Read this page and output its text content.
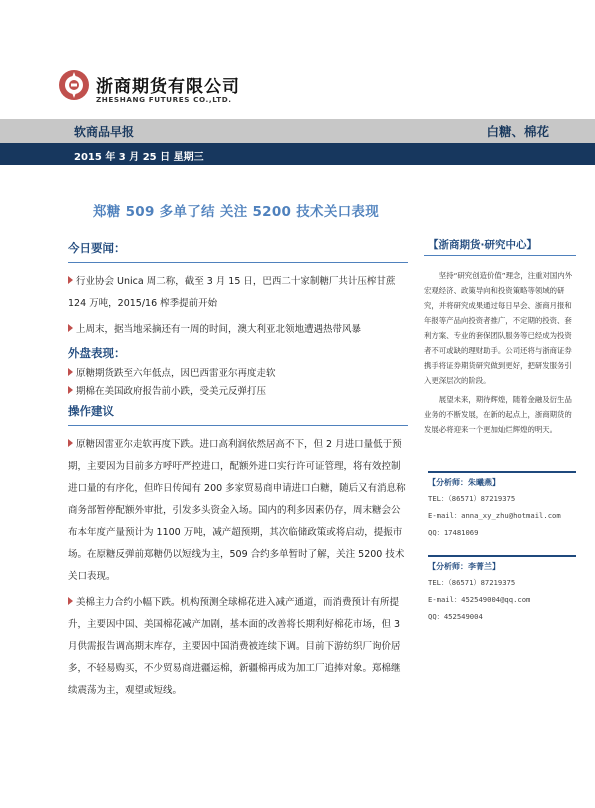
浙商期货有限公司
ZHESHANG FUTURES CO.,LTD.
软商品早报	白糖、棉花
2015 年 3 月 25 日 星期三
郑糖 509 多单了结 关注 5200 技术关口表现
今日要闻：
行业协会 Unica 周二称，截至 3 月 15 日，巴西二十家制糖厂共计压榨甘蔗 124 万吨，2015/16 榨季提前开始
上周末，据当地采摘还有一周的时间，澳大利亚北领地遭遇热带风暴
外盘表现：
原糖期货跌至六年低点，因巴西雷亚尔再度走软
期棉在美国政府报告前小跌，受美元反弹打压
操作建议
原糖因雷亚尔走软再度下跌。进口高利润依然居高不下，但 2 月进口量低于预期，主要因为目前多方呼吁严控进口，配额外进口实行许可证管理，将有效控制进口量的有序化，但昨日传闻有 200 多家贸易商申请进口白糖，随后又有消息称商务部暂停配额外审批，引发多头资金入场。国内的利多因素仍存，周末糖会公布本年度产量预计为 1100 万吨，减产超预期，其次临储政策或将启动，提振市场。在原糖反弹前郑糖仍以短线为主，509 合约多单暂时了解，关注 5200 技术关口表现。
美棉主力合约小幅下跌。机构预测全球棉花进入减产通道，而消费预计有所提升，主要因中国、美国棉花减产加剧，基本面的改善将长期利好棉花市场，但 3 月供需报告调高期末库存，主要因中国消费被连续下调。目前下游纺织厂询价居多，不轻易购买，不少贸易商进疆运棉，新疆棉再成为加工厂追捧对象。郑棉继续震荡为主，观望或短线。
【浙商期货·研究中心】
坚持“研究创造价值”理念，注重对国内外宏观经济、政策导向和投资策略等领域的研究，并将研究成果通过每日早会、浙商月报和年报等产品向投资者推广，不定期的投资、套利方案、专业的套保团队服务等已经成为投资者不可或缺的理财助手。公司还将与浙商证券携手将证券期货研究做到更好，把研发服务引入更深层次的阶段。
展望未来，期待辉煌，随着金融及衍生品业务的不断发展，在新的起点上，浙商期货的发展必将迎来一个更加灿烂辉煌的明天。
【分析师：朱曦燕】
TEL：（86571）87219375
E-mail：anna_xy_zhu@hotmail.com
QQ：17481069
【分析师：李菁兰】
TEL：（86571）87219375
E-mail：452549004@qq.com
QQ：452549004
